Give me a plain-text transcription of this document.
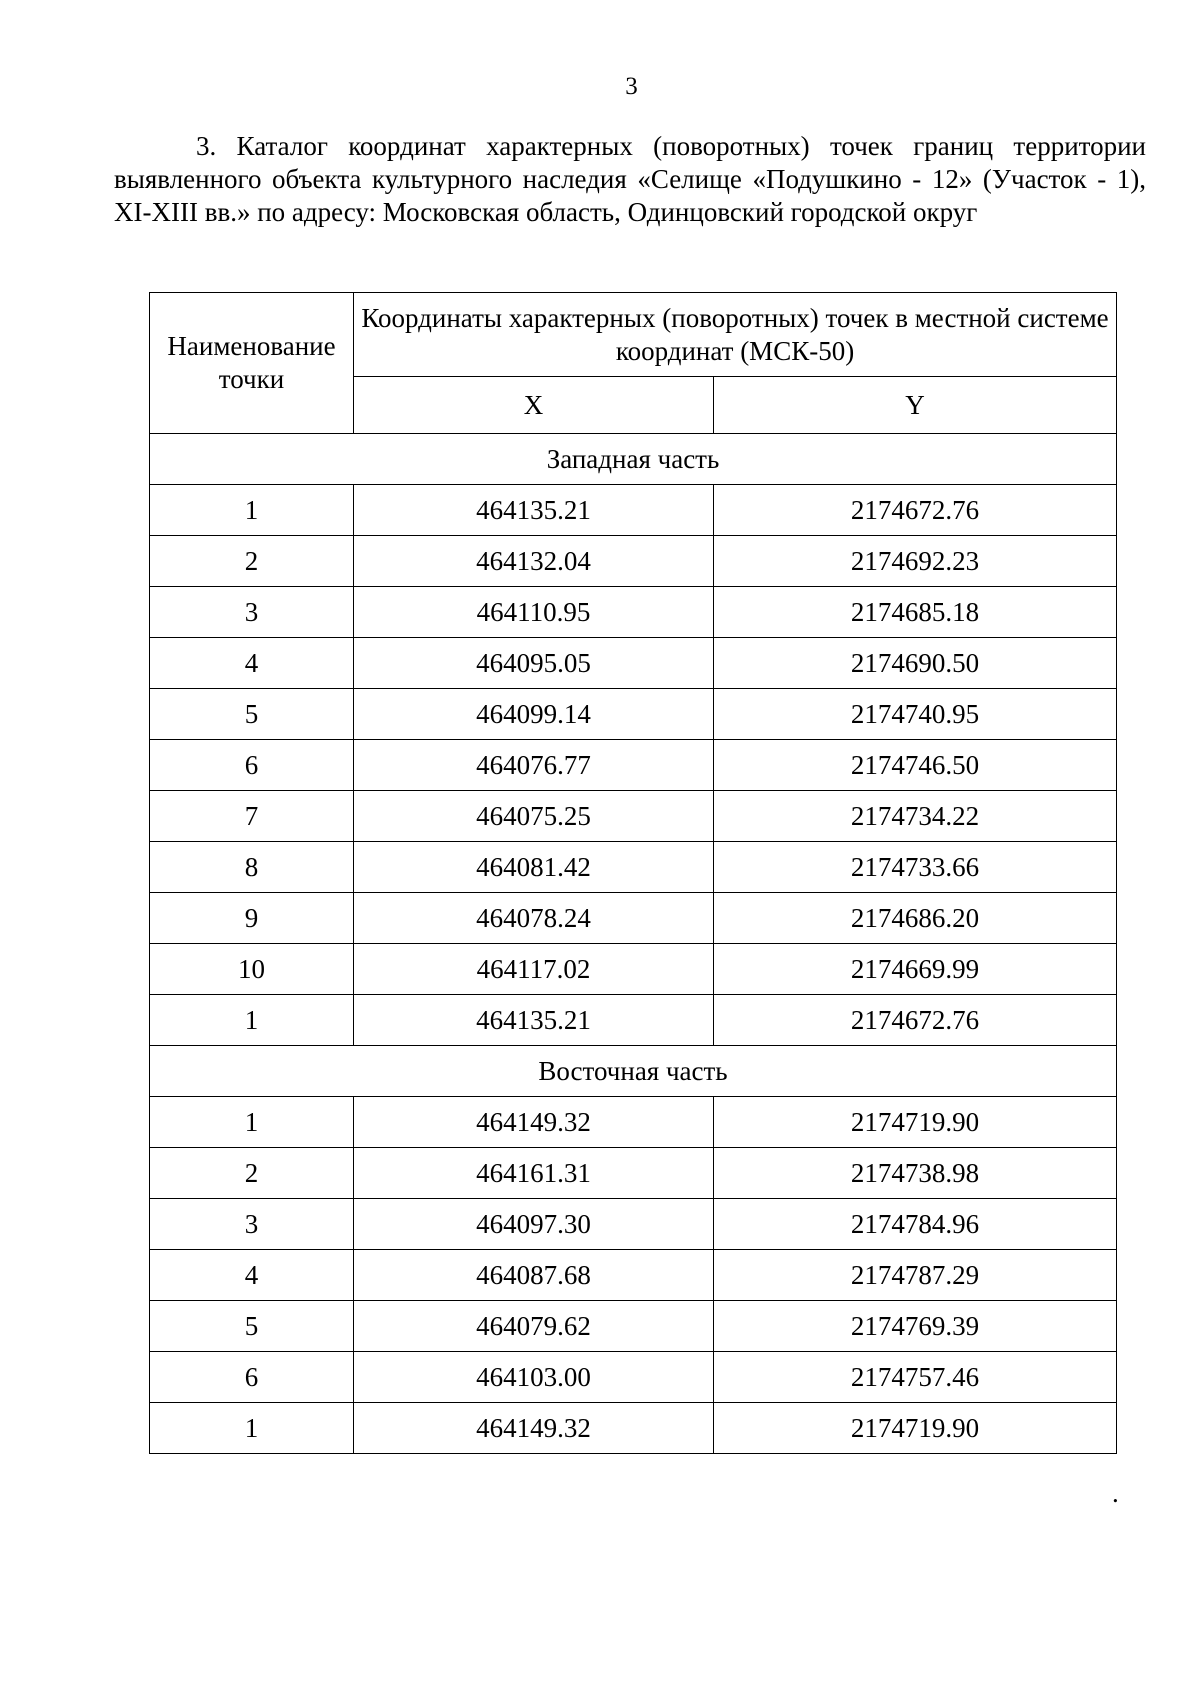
3
3. Каталог координат характерных (поворотных) точек границ территории выявленного объекта культурного наследия «Селище «Подушкино - 12» (Участок - 1), XI-XIII вв.» по адресу: Московская область, Одинцовский городской округ
Наименование точки	Координаты характерных (поворотных) точек в местной системе координат (МСК-50)	
	X	Y
Западная часть		
1	464135.21	2174672.76
2	464132.04	2174692.23
3	464110.95	2174685.18
4	464095.05	2174690.50
5	464099.14	2174740.95
6	464076.77	2174746.50
7	464075.25	2174734.22
8	464081.42	2174733.66
9	464078.24	2174686.20
10	464117.02	2174669.99
1	464135.21	2174672.76
Восточная часть		
1	464149.32	2174719.90
2	464161.31	2174738.98
3	464097.30	2174784.96
4	464087.68	2174787.29
5	464079.62	2174769.39
6	464103.00	2174757.46
1	464149.32	2174719.90
.
